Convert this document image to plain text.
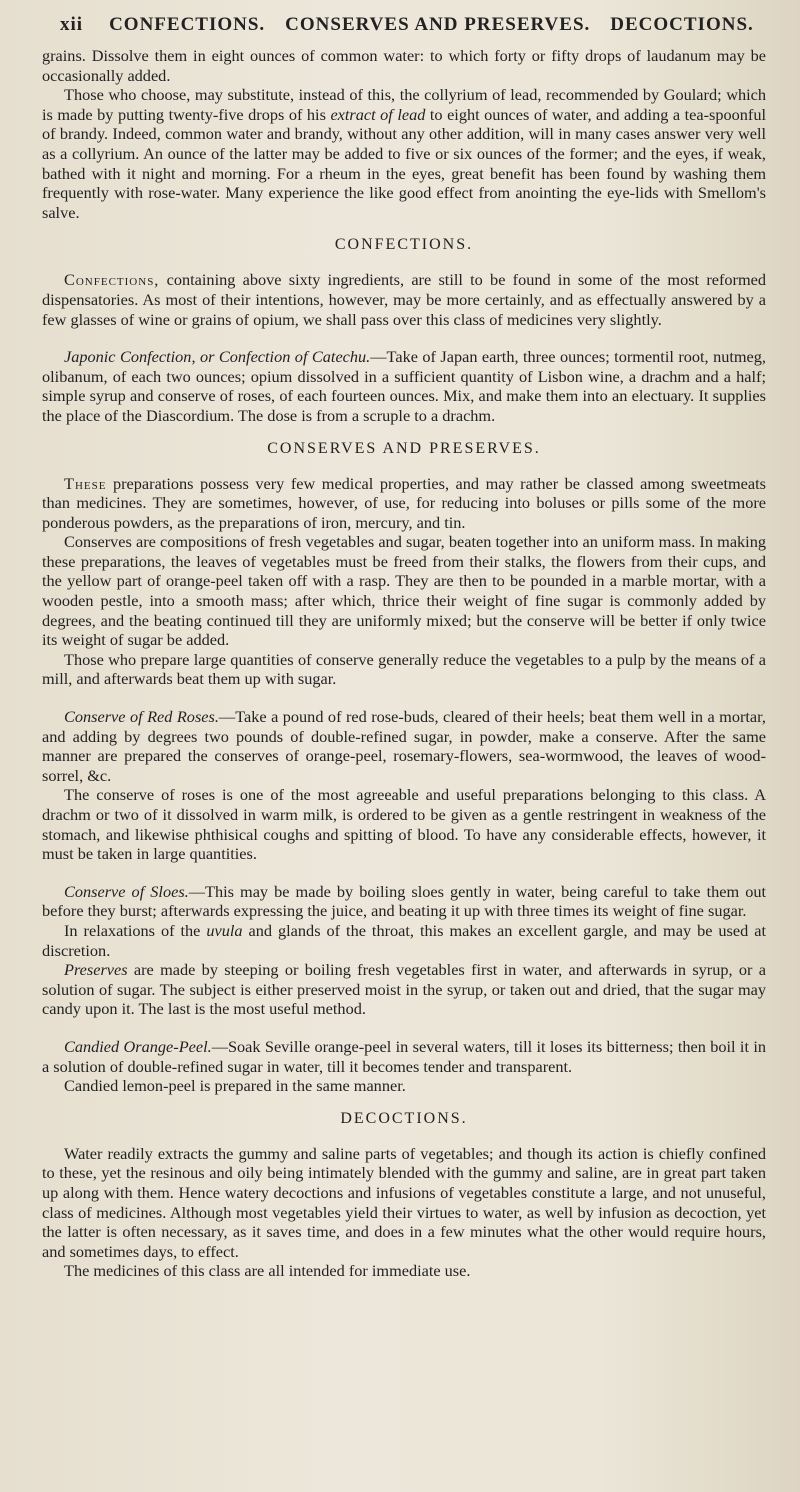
xii CONFECTIONS. CONSERVES AND PRESERVES. DECOCTIONS.

grains. Dissolve them in eight ounces of common water: to which forty or fifty drops of laudanum may be occasionally added.

Those who choose, may substitute, instead of this, the collyrium of lead, recommended by Goulard; which is made by putting twenty-five drops of his extract of lead to eight ounces of water, and adding a tea-spoonful of brandy. Indeed, common water and brandy, without any other addition, will in many cases answer very well as a collyrium. An ounce of the latter may be added to five or six ounces of the former; and the eyes, if weak, bathed with it night and morning. For a rheum in the eyes, great benefit has been found by washing them frequently with rose-water. Many experience the like good effect from anointing the eye-lids with Smellom's salve.

CONFECTIONS.

Confections, containing above sixty ingredients, are still to be found in some of the most reformed dispensatories. As most of their intentions, however, may be more certainly, and as effectually answered by a few glasses of wine or grains of opium, we shall pass over this class of medicines very slightly.

Japonic Confection, or Confection of Catechu.—Take of Japan earth, three ounces; tormentil root, nutmeg, olibanum, of each two ounces; opium dissolved in a sufficient quantity of Lisbon wine, a drachm and a half; simple syrup and conserve of roses, of each fourteen ounces. Mix, and make them into an electuary. It supplies the place of the Diascordium. The dose is from a scruple to a drachm.

CONSERVES AND PRESERVES.

These preparations possess very few medical properties, and may rather be classed among sweetmeats than medicines. They are sometimes, however, of use, for reducing into boluses or pills some of the more ponderous powders, as the preparations of iron, mercury, and tin.

Conserves are compositions of fresh vegetables and sugar, beaten together into an uniform mass. In making these preparations, the leaves of vegetables must be freed from their stalks, the flowers from their cups, and the yellow part of orange-peel taken off with a rasp. They are then to be pounded in a marble mortar, with a wooden pestle, into a smooth mass; after which, thrice their weight of fine sugar is commonly added by degrees, and the beating continued till they are uniformly mixed; but the conserve will be better if only twice its weight of sugar be added.

Those who prepare large quantities of conserve generally reduce the vegetables to a pulp by the means of a mill, and afterwards beat them up with sugar.

Conserve of Red Roses.—Take a pound of red rose-buds, cleared of their heels; beat them well in a mortar, and adding by degrees two pounds of double-refined sugar, in powder, make a conserve. After the same manner are prepared the conserves of orange-peel, rosemary-flowers, sea-wormwood, the leaves of wood-sorrel, &c.

The conserve of roses is one of the most agreeable and useful preparations belonging to this class. A drachm or two of it dissolved in warm milk, is ordered to be given as a gentle restringent in weakness of the stomach, and likewise phthisical coughs and spitting of blood. To have any considerable effects, however, it must be taken in large quantities.

Conserve of Sloes.—This may be made by boiling sloes gently in water, being careful to take them out before they burst; afterwards expressing the juice, and beating it up with three times its weight of fine sugar.

In relaxations of the uvula and glands of the throat, this makes an excellent gargle, and may be used at discretion.

Preserves are made by steeping or boiling fresh vegetables first in water, and afterwards in syrup, or a solution of sugar. The subject is either preserved moist in the syrup, or taken out and dried, that the sugar may candy upon it. The last is the most useful method.

Candied Orange-Peel.—Soak Seville orange-peel in several waters, till it loses its bitterness; then boil it in a solution of double-refined sugar in water, till it becomes tender and transparent.

Candied lemon-peel is prepared in the same manner.

DECOCTIONS.

Water readily extracts the gummy and saline parts of vegetables; and though its action is chiefly confined to these, yet the resinous and oily being intimately blended with the gummy and saline, are in great part taken up along with them. Hence watery decoctions and infusions of vegetables constitute a large, and not unuseful, class of medicines. Although most vegetables yield their virtues to water, as well by infusion as decoction, yet the latter is often necessary, as it saves time, and does in a few minutes what the other would require hours, and sometimes days, to effect.

The medicines of this class are all intended for immediate use.
